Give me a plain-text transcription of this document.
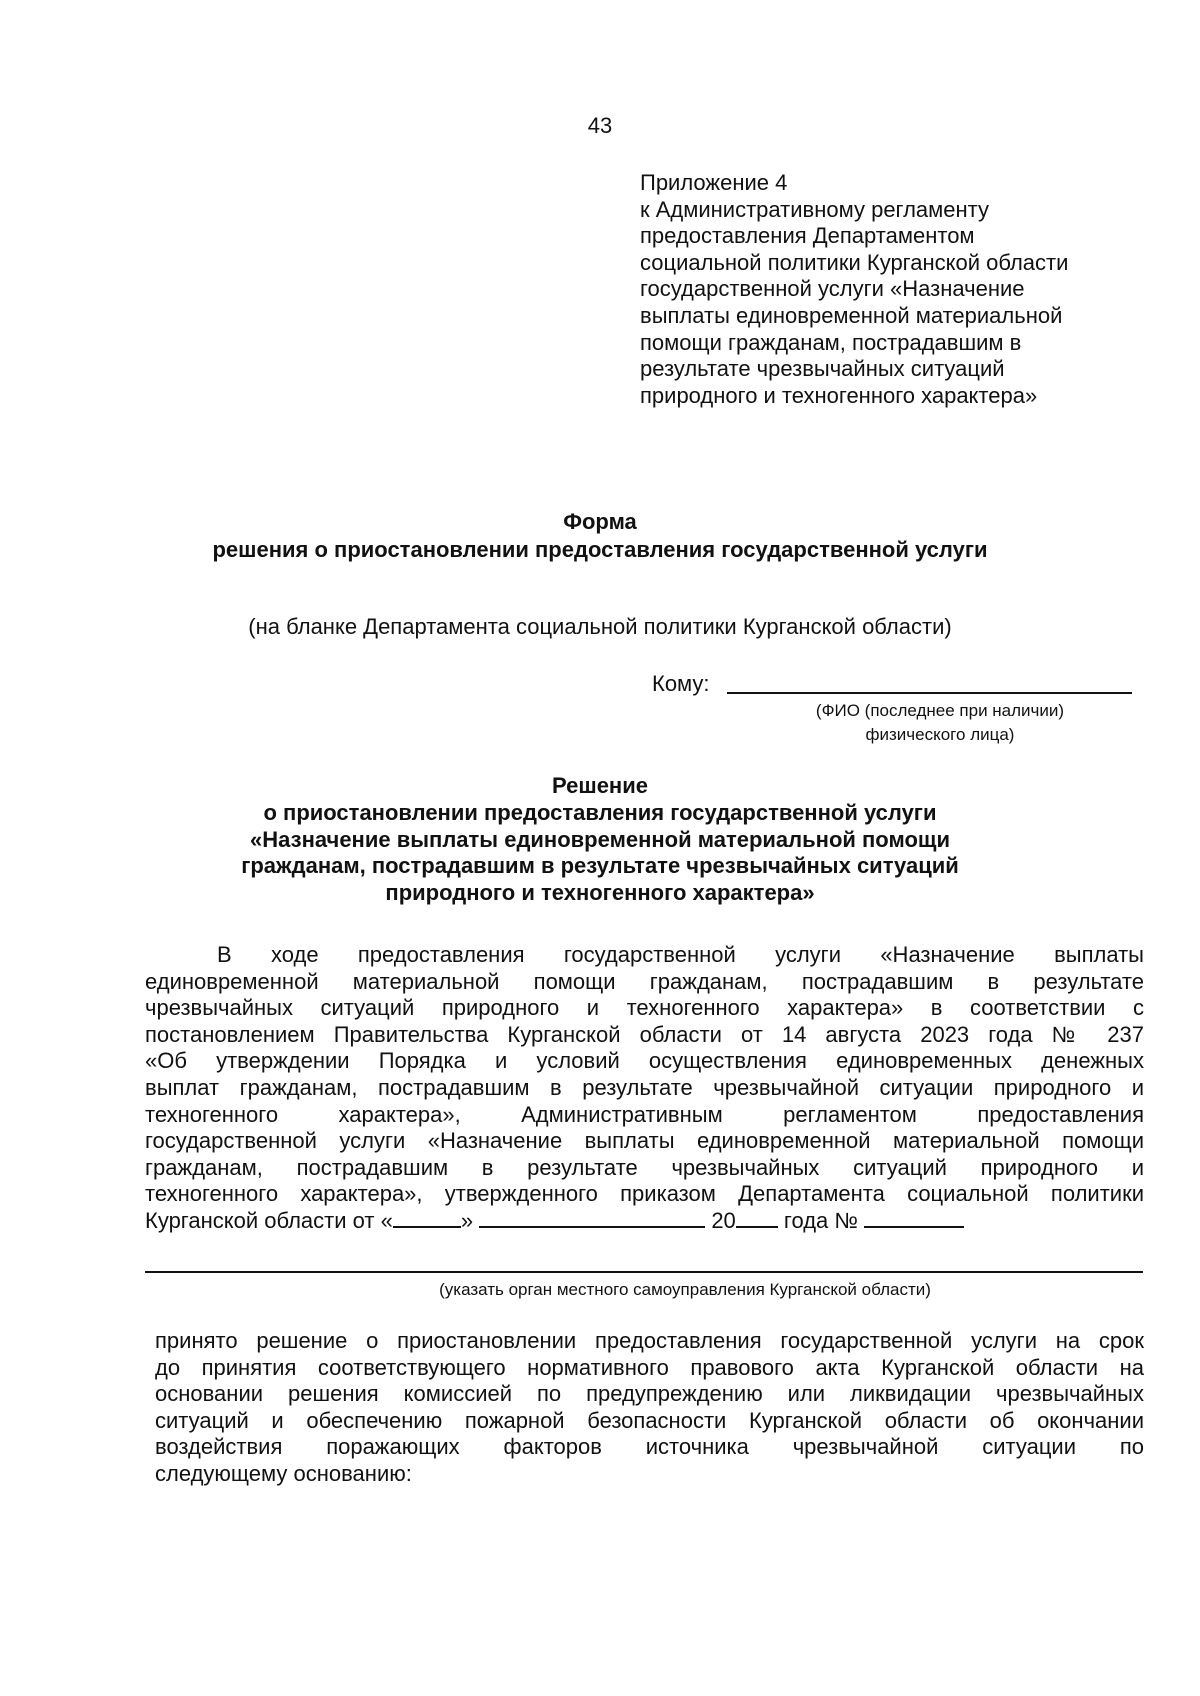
43
Приложение 4
к Административному регламенту
предоставления Департаментом
социальной политики Курганской области
государственной услуги «Назначение
выплаты единовременной материальной
помощи гражданам, пострадавшим в
результате чрезвычайных ситуаций
природного и техногенного характера»
Форма
решения о приостановлении предоставления государственной услуги
(на бланке Департамента социальной политики Курганской области)
Кому:
(ФИО (последнее при наличии)
физического лица)
Решение
о приостановлении предоставления государственной услуги
«Назначение выплаты единовременной материальной помощи
гражданам, пострадавшим в результате чрезвычайных ситуаций
природного и техногенного характера»
В ходе предоставления государственной услуги «Назначение выплаты
единовременной материальной помощи гражданам, пострадавшим в результате
чрезвычайных ситуаций природного и техногенного характера» в соответствии с
постановлением Правительства Курганской области от 14 августа 2023 года № 237
«Об утверждении Порядка и условий осуществления единовременных денежных
выплат гражданам, пострадавшим в результате чрезвычайной ситуации природного и
техногенного характера», Административным регламентом предоставления
государственной услуги «Назначение выплаты единовременной материальной помощи
гражданам, пострадавшим в результате чрезвычайных ситуаций природного и
техногенного характера», утвержденного приказом Департамента социальной политики
Курганской области от «	»	20 года №
(указать орган местного самоуправления Курганской области)
принято решение о приостановлении предоставления государственной услуги на срок
до принятия соответствующего нормативного правового акта Курганской области на
основании решения комиссией по предупреждению или ликвидации чрезвычайных
ситуаций и обеспечению пожарной безопасности Курганской области об окончании
воздействия поражающих факторов источника чрезвычайной ситуации по
следующему основанию:
